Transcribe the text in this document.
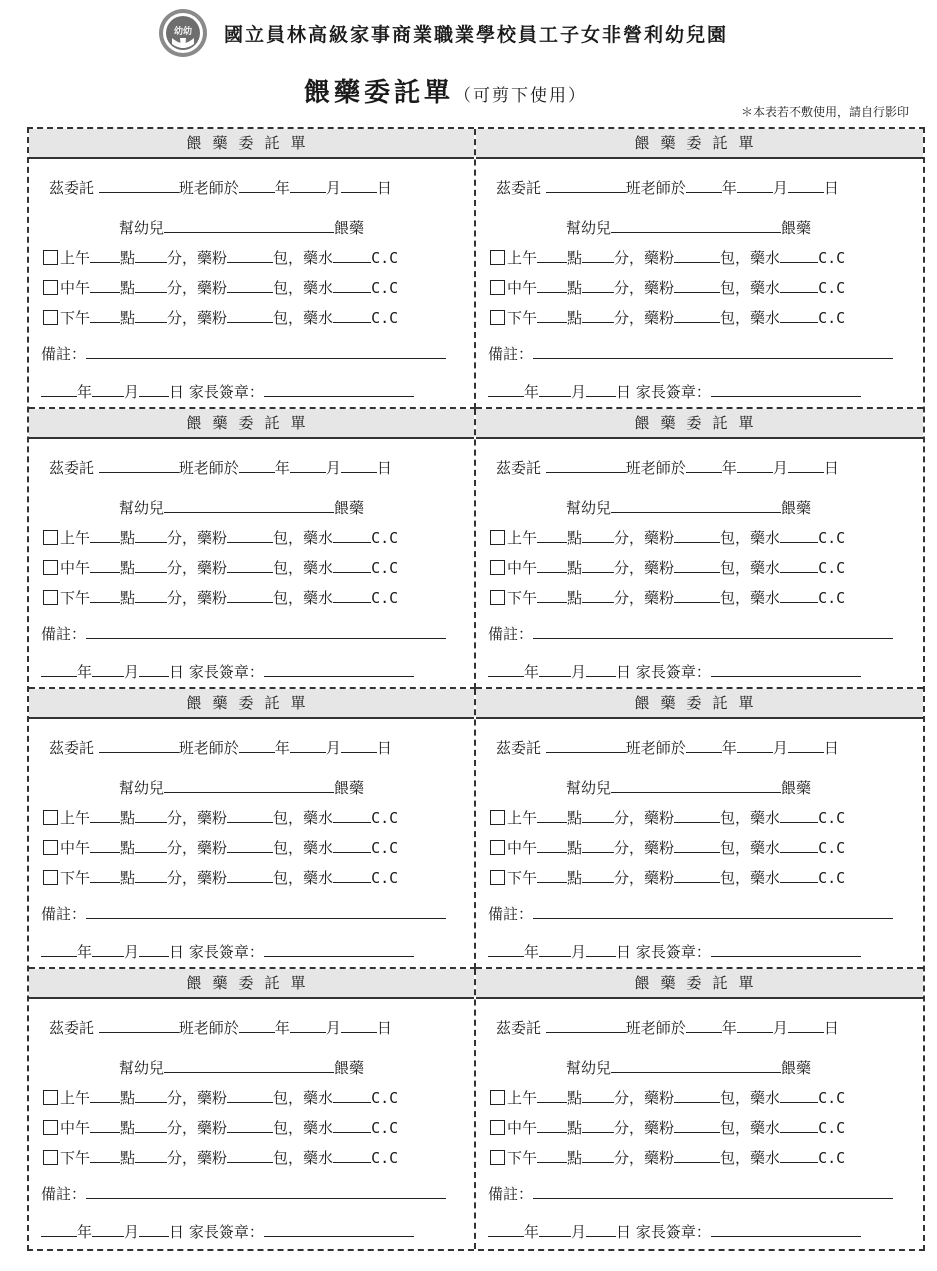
幼幼 國立員林高級家事商業職業學校員工子女非營利幼兒園
餵藥委託單（可剪下使用）
＊本表若不敷使用，請自行影印
餵藥委託單
茲委託	班老師於 年 月 日
幫幼兒	餵藥
上午 點 分，藥粉	包，藥水	C.C
中午 點 分，藥粉	包，藥水	C.C
下午 點 分，藥粉	包，藥水	C.C
備註：
年 月 日 家長簽章：
餵藥委託單
茲委託	班老師於 年 月 日
幫幼兒	餵藥
上午 點 分，藥粉	包，藥水	C.C
中午 點 分，藥粉	包，藥水	C.C
下午 點 分，藥粉	包，藥水	C.C
備註：
年 月 日 家長簽章：
餵藥委託單
茲委託	班老師於 年 月 日
幫幼兒	餵藥
上午 點 分，藥粉	包，藥水	C.C
中午 點 分，藥粉	包，藥水	C.C
下午 點 分，藥粉	包，藥水	C.C
備註：
年 月 日 家長簽章：
餵藥委託單
茲委託	班老師於 年 月 日
幫幼兒	餵藥
上午 點 分，藥粉	包，藥水	C.C
中午 點 分，藥粉	包，藥水	C.C
下午 點 分，藥粉	包，藥水	C.C
備註：
年 月 日 家長簽章：
餵藥委託單
茲委託	班老師於 年 月 日
幫幼兒	餵藥
上午 點 分，藥粉	包，藥水	C.C
中午 點 分，藥粉	包，藥水	C.C
下午 點 分，藥粉	包，藥水	C.C
備註：
年 月 日 家長簽章：
餵藥委託單
茲委託	班老師於 年 月 日
幫幼兒	餵藥
上午 點 分，藥粉	包，藥水	C.C
中午 點 分，藥粉	包，藥水	C.C
下午 點 分，藥粉	包，藥水	C.C
備註：
年 月 日 家長簽章：
餵藥委託單
茲委託	班老師於 年 月 日
幫幼兒	餵藥
上午 點 分，藥粉	包，藥水	C.C
中午 點 分，藥粉	包，藥水	C.C
下午 點 分，藥粉	包，藥水	C.C
備註：
年 月 日 家長簽章：
餵藥委託單
茲委託	班老師於 年 月 日
幫幼兒	餵藥
上午 點 分，藥粉	包，藥水	C.C
中午 點 分，藥粉	包，藥水	C.C
下午 點 分，藥粉	包，藥水	C.C
備註：
年 月 日 家長簽章：
